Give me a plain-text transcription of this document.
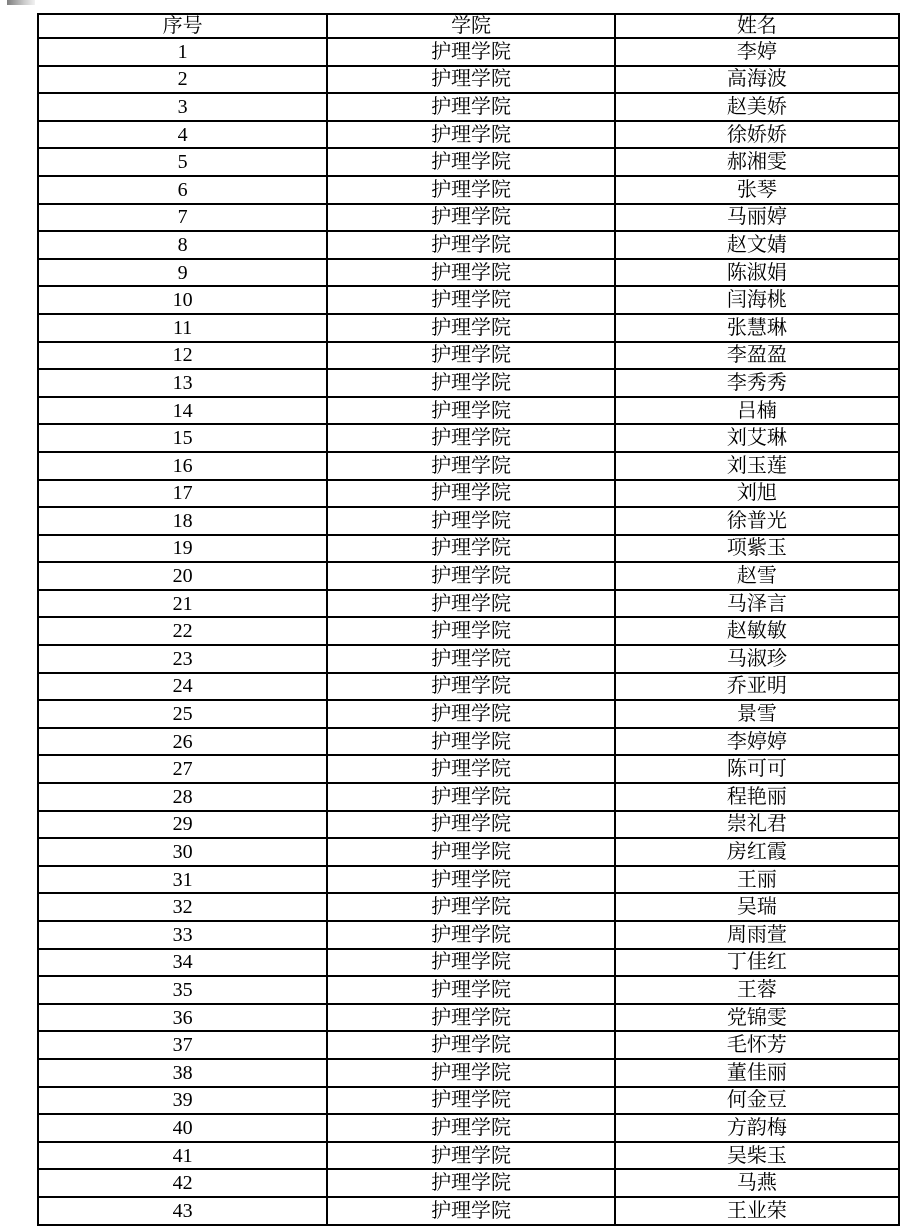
序号	学院	姓名
1	护理学院	李婷
2	护理学院	高海波
3	护理学院	赵美娇
4	护理学院	徐娇娇
5	护理学院	郝湘雯
6	护理学院	张琴
7	护理学院	马丽婷
8	护理学院	赵文婧
9	护理学院	陈淑娟
10	护理学院	闫海桃
11	护理学院	张慧琳
12	护理学院	李盈盈
13	护理学院	李秀秀
14	护理学院	吕楠
15	护理学院	刘艾琳
16	护理学院	刘玉莲
17	护理学院	刘旭
18	护理学院	徐普光
19	护理学院	项紫玉
20	护理学院	赵雪
21	护理学院	马泽言
22	护理学院	赵敏敏
23	护理学院	马淑珍
24	护理学院	乔亚明
25	护理学院	景雪
26	护理学院	李婷婷
27	护理学院	陈可可
28	护理学院	程艳丽
29	护理学院	崇礼君
30	护理学院	房红霞
31	护理学院	王丽
32	护理学院	吴瑞
33	护理学院	周雨萱
34	护理学院	丁佳红
35	护理学院	王蓉
36	护理学院	党锦雯
37	护理学院	毛怀芳
38	护理学院	董佳丽
39	护理学院	何金豆
40	护理学院	方韵梅
41	护理学院	吴柴玉
42	护理学院	马燕
43	护理学院	王业荣
